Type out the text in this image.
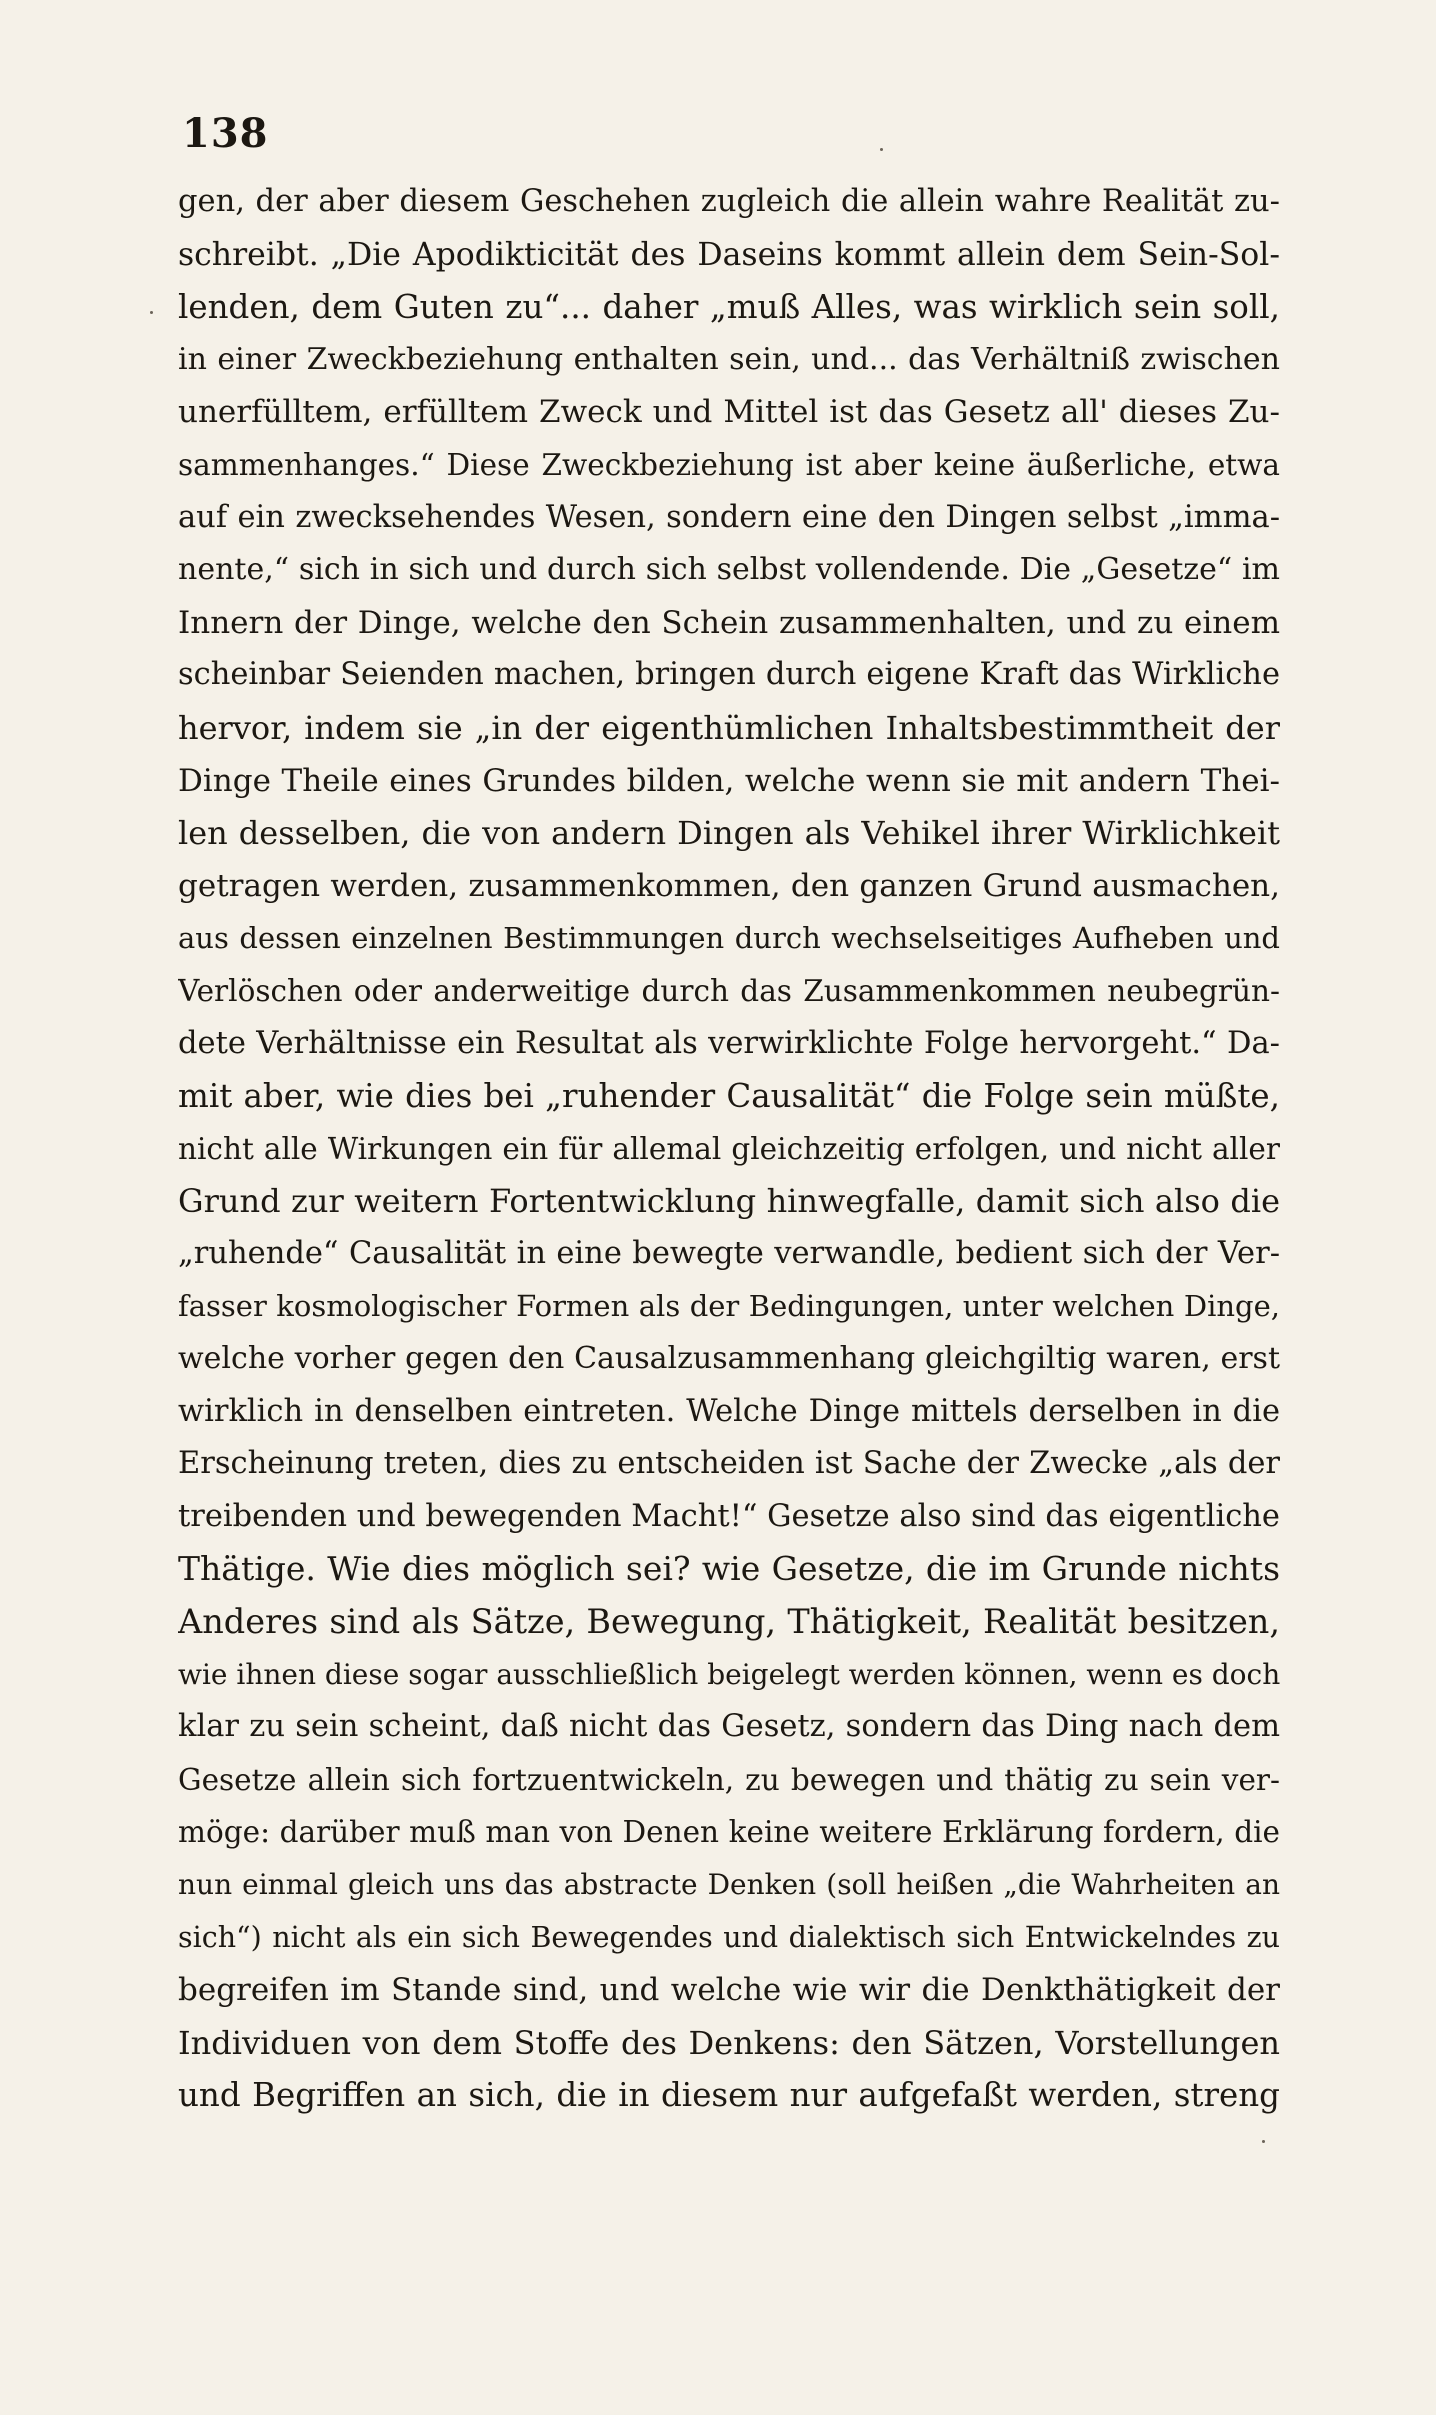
138
gen, der aber diesem Geschehen zugleich die allein wahre Realität zu-
schreibt. „Die Apodikticität des Daseins kommt allein dem Sein-Sol-
lenden, dem Guten zu“... daher „muß Alles, was wirklich sein soll,
in einer Zweckbeziehung enthalten sein, und... das Verhältniß zwischen
unerfülltem, erfülltem Zweck und Mittel ist das Gesetz all' dieses Zu-
sammenhanges.“ Diese Zweckbeziehung ist aber keine äußerliche, etwa
auf ein zwecksehendes Wesen, sondern eine den Dingen selbst „imma-
nente,“ sich in sich und durch sich selbst vollendende. Die „Gesetze“ im
Innern der Dinge, welche den Schein zusammenhalten, und zu einem
scheinbar Seienden machen, bringen durch eigene Kraft das Wirkliche
hervor, indem sie „in der eigenthümlichen Inhaltsbestimmtheit der
Dinge Theile eines Grundes bilden, welche wenn sie mit andern Thei-
len desselben, die von andern Dingen als Vehikel ihrer Wirklichkeit
getragen werden, zusammenkommen, den ganzen Grund ausmachen,
aus dessen einzelnen Bestimmungen durch wechselseitiges Aufheben und
Verlöschen oder anderweitige durch das Zusammenkommen neubegrün-
dete Verhältnisse ein Resultat als verwirklichte Folge hervorgeht.“ Da-
mit aber, wie dies bei „ruhender Causalität“ die Folge sein müßte,
nicht alle Wirkungen ein für allemal gleichzeitig erfolgen, und nicht aller
Grund zur weitern Fortentwicklung hinwegfalle, damit sich also die
„ruhende“ Causalität in eine bewegte verwandle, bedient sich der Ver-
fasser kosmologischer Formen als der Bedingungen, unter welchen Dinge,
welche vorher gegen den Causalzusammenhang gleichgiltig waren, erst
wirklich in denselben eintreten. Welche Dinge mittels derselben in die
Erscheinung treten, dies zu entscheiden ist Sache der Zwecke „als der
treibenden und bewegenden Macht!“ Gesetze also sind das eigentliche
Thätige. Wie dies möglich sei? wie Gesetze, die im Grunde nichts
Anderes sind als Sätze, Bewegung, Thätigkeit, Realität besitzen,
wie ihnen diese sogar ausschließlich beigelegt werden können, wenn es doch
klar zu sein scheint, daß nicht das Gesetz, sondern das Ding nach dem
Gesetze allein sich fortzuentwickeln, zu bewegen und thätig zu sein ver-
möge: darüber muß man von Denen keine weitere Erklärung fordern, die
nun einmal gleich uns das abstracte Denken (soll heißen „die Wahrheiten an
sich“) nicht als ein sich Bewegendes und dialektisch sich Entwickelndes zu
begreifen im Stande sind, und welche wie wir die Denkthätigkeit der
Individuen von dem Stoffe des Denkens: den Sätzen, Vorstellungen
und Begriffen an sich, die in diesem nur aufgefaßt werden, streng
